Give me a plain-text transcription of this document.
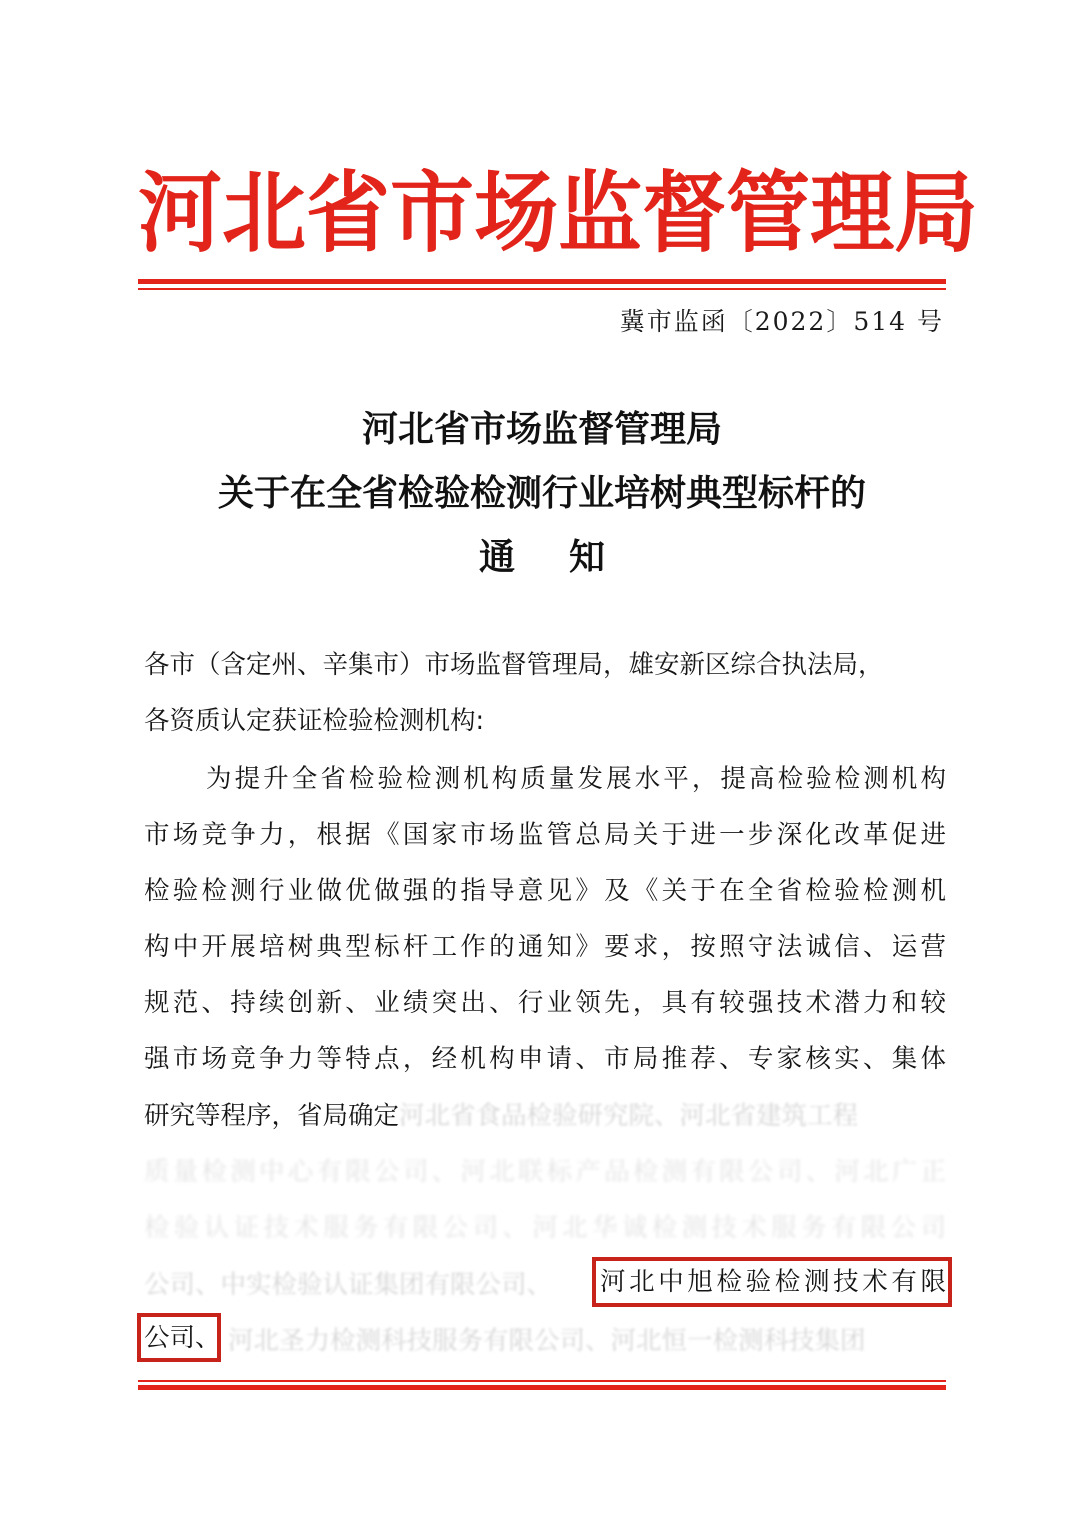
河 北 省 市 场 监 督 管 理 局
冀市监函〔2022〕514 号
河北省市场监督管理局
关于在全省检验检测行业培树典型标杆的
通 知
各市（含定州、辛集市）市场监督管理局，雄安新区综合执法局，
各资质认定获证检验检测机构:
为提升全省检验检测机构质量发展水平，提高检验检测机构
市场竞争力，根据《国家市场监管总局关于进一步深化改革促进
检验检测行业做优做强的指导意见》及《关于在全省检验检测机
构中开展培树典型标杆工作的通知》要求，按照守法诚信、运营
规范、持续创新、业绩突出、行业领先，具有较强技术潜力和较
强市场竞争力等特点，经机构申请、市局推荐、专家核实、集体
研究等程序，省局确定河北省食品检验研究院、河北省建筑工程
质量检测中心有限公司、河北联标产品检测有限公司、河北广正
检验认证技术服务有限公司、河北华诚检测技术服务有限公司
公司、中实检验认证集团有限公司、	河北中旭检验检测技术有限
公司、 河北圣力检测科技服务有限公司、河北恒一检测科技集团
